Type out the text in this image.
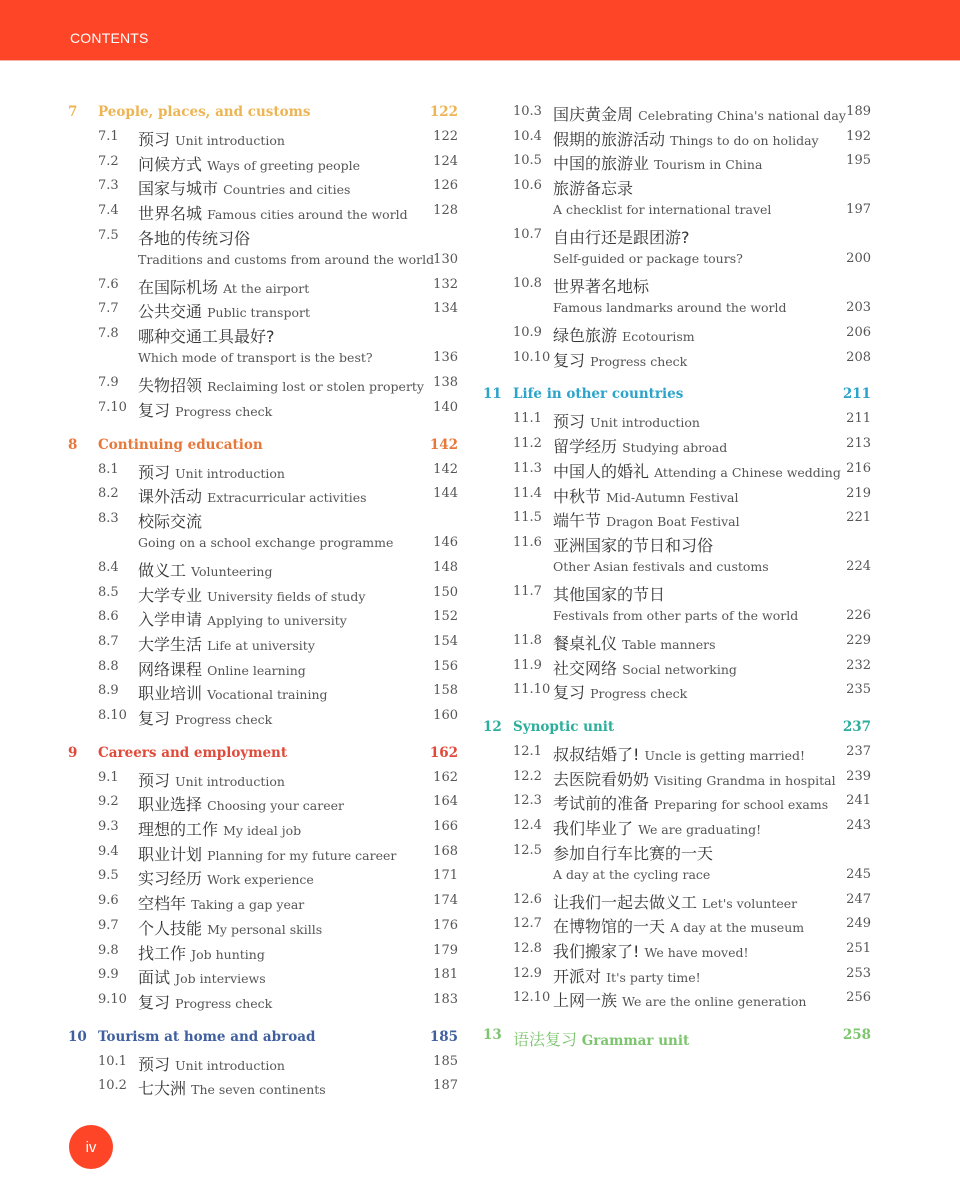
CONTENTS
7 People, places, and customs	122
7.1 预习 Unit introduction	122
7.2 问候方式 Ways of greeting people	124
7.3 国家与城市 Countries and cities	126
7.4 世界名城 Famous cities around the world 128
7.5 各地的传统习俗
Traditions and customs from around the world 130
7.6 在国际机场 At the airport	132
7.7 公共交通 Public transport	134
7.8 哪种交通工具最好?
Which mode of transport is the best?	136
7.9 失物招领 Reclaiming lost or stolen property 138
7.10 复习 Progress check	140
8 Continuing education	142
8.1 预习 Unit introduction	142
8.2 课外活动 Extracurricular activities	144
8.3 校际交流
Going on a school exchange programme	146
8.4 做义工 Volunteering	148
8.5 大学专业 University fields of study	150
8.6 入学申请 Applying to university	152
8.7 大学生活 Life at university	154
8.8 网络课程 Online learning	156
8.9 职业培训 Vocational training	158
8.10 复习 Progress check	160
9 Careers and employment	162
9.1 预习 Unit introduction	162
9.2 职业选择 Choosing your career	164
9.3 理想的工作 My ideal job	166
9.4 职业计划 Planning for my future career	168
9.5 实习经历 Work experience	171
9.6 空档年 Taking a gap year	174
9.7 个人技能 My personal skills	176
9.8 找工作 Job hunting	179
9.9 面试 Job interviews	181
9.10 复习 Progress check	183
10 Tourism at home and abroad	185
10.1 预习 Unit introduction	185
10.2 七大洲 The seven continents	187
10.3 国庆黄金周 Celebrating China's national day 189
10.4 假期的旅游活动 Things to do on holiday 192
10.5 中国的旅游业 Tourism in China	195
10.6 旅游备忘录
A checklist for international travel	197
10.7 自由行还是跟团游?
Self-guided or package tours?	200
10.8 世界著名地标
Famous landmarks around the world	203
10.9 绿色旅游 Ecotourism	206
10.10 复习 Progress check	208
11 Life in other countries	211
11.1 预习 Unit introduction	211
11.2 留学经历 Studying abroad	213
11.3 中国人的婚礼 Attending a Chinese wedding 216
11.4 中秋节 Mid-Autumn Festival	219
11.5 端午节 Dragon Boat Festival	221
11.6 亚洲国家的节日和习俗
Other Asian festivals and customs	224
11.7 其他国家的节日
Festivals from other parts of the world	226
11.8 餐桌礼仪 Table manners	229
11.9 社交网络 Social networking	232
11.10 复习 Progress check	235
12 Synoptic unit	237
12.1 叔叔结婚了! Uncle is getting married!	237
12.2 去医院看奶奶 Visiting Grandma in hospital 239
12.3 考试前的准备 Preparing for school exams 241
12.4 我们毕业了 We are graduating!	243
12.5 参加自行车比赛的一天
A day at the cycling race	245
12.6 让我们一起去做义工 Let's volunteer	247
12.7 在博物馆的一天 A day at the museum	249
12.8 我们搬家了! We have moved!	251
12.9 开派对 It's party time!	253
12.10 上网一族 We are the online generation	256
13 语法复习 Grammar unit	258
iv
